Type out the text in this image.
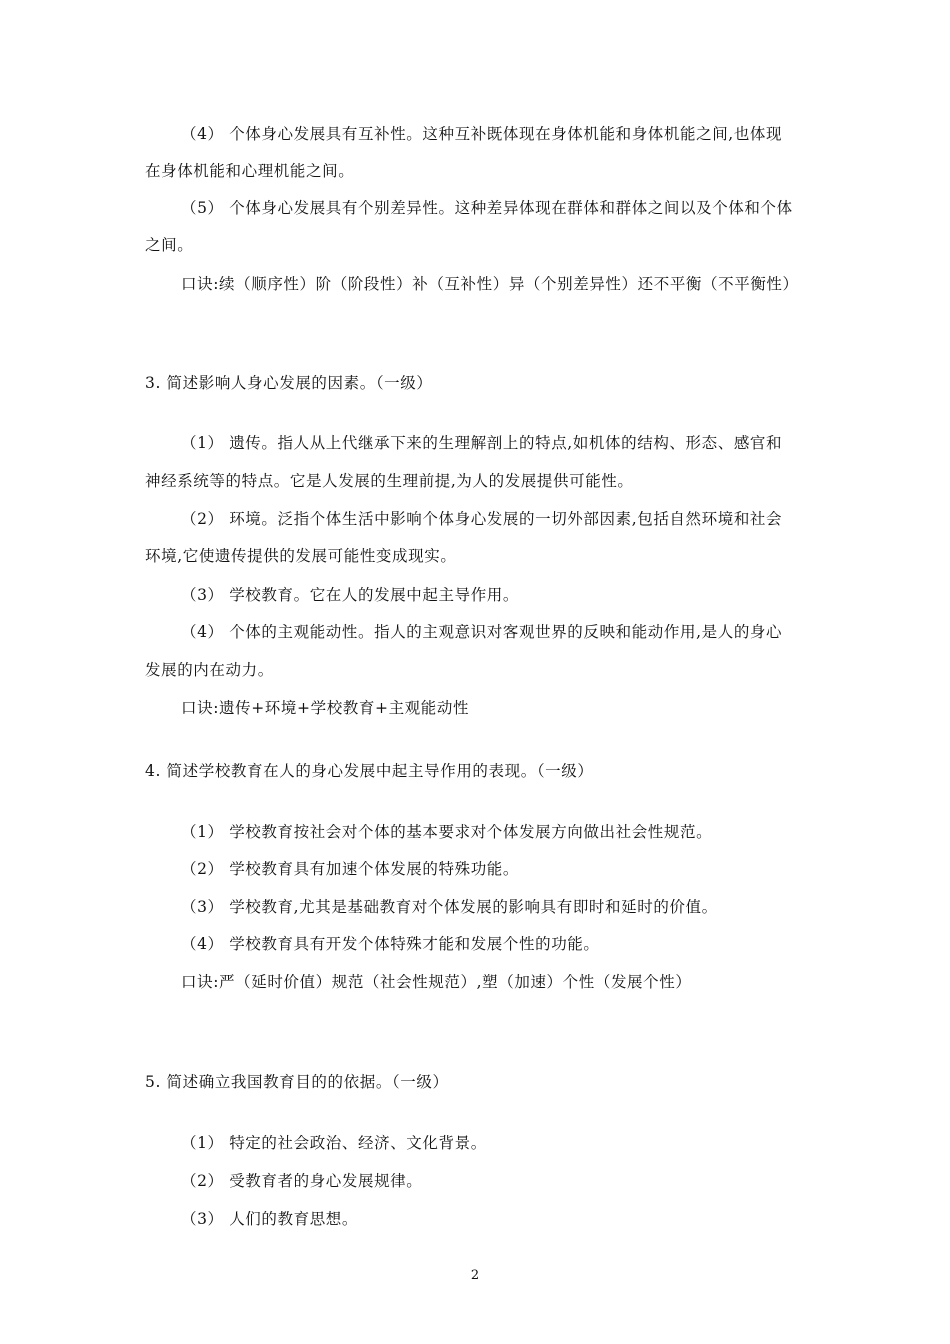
（4） 个体身心发展具有互补性。这种互补既体现在身体机能和身体机能之间,也体现
在身体机能和心理机能之间。
（5） 个体身心发展具有个别差异性。这种差异体现在群体和群体之间以及个体和个体
之间。
口诀:续（顺序性）阶（阶段性）补（互补性）异（个别差异性）还不平衡（不平衡性）
3. 简述影响人身心发展的因素。（一级）
（1） 遗传。指人从上代继承下来的生理解剖上的特点,如机体的结构、形态、感官和
神经系统等的特点。它是人发展的生理前提,为人的发展提供可能性。
（2） 环境。泛指个体生活中影响个体身心发展的一切外部因素,包括自然环境和社会
环境,它使遗传提供的发展可能性变成现实。
（3） 学校教育。它在人的发展中起主导作用。
（4） 个体的主观能动性。指人的主观意识对客观世界的反映和能动作用,是人的身心
发展的内在动力。
口诀:遗传+环境+学校教育+主观能动性
4. 简述学校教育在人的身心发展中起主导作用的表现。（一级）
（1） 学校教育按社会对个体的基本要求对个体发展方向做出社会性规范。
（2） 学校教育具有加速个体发展的特殊功能。
（3） 学校教育,尤其是基础教育对个体发展的影响具有即时和延时的价值。
（4） 学校教育具有开发个体特殊才能和发展个性的功能。
口诀:严（延时价值）规范（社会性规范）,塑（加速）个性（发展个性）
5. 简述确立我国教育目的的依据。（一级）
（1） 特定的社会政治、经济、文化背景。
（2） 受教育者的身心发展规律。
（3） 人们的教育思想。
2
